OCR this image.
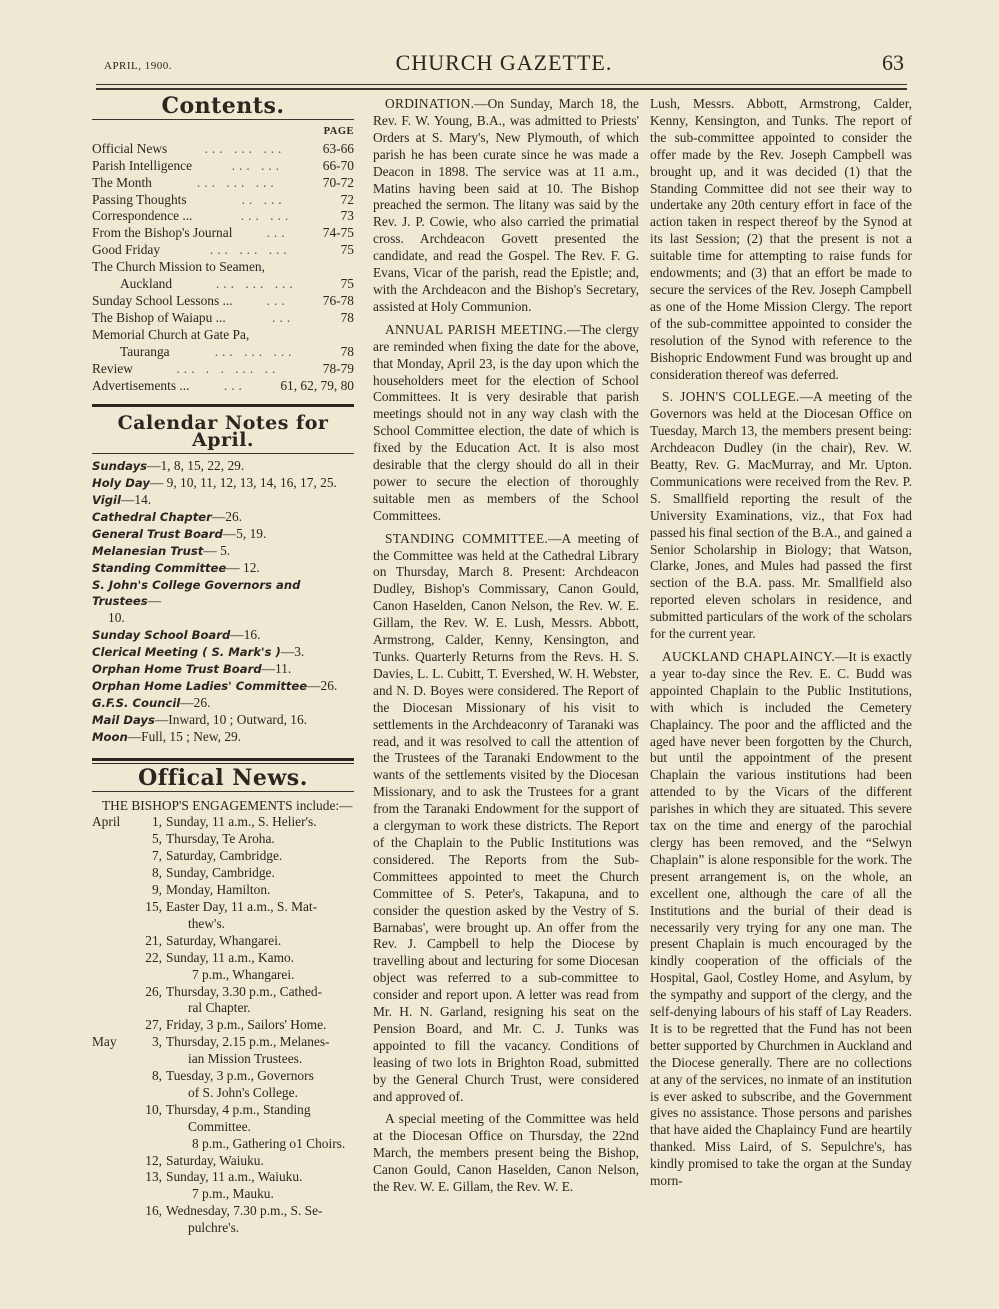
APRIL, 1900.	CHURCH GAZETTE.	63
Contents.
PAGE
Official News	... ... ...	63-66
Parish Intelligence	... ...	66-70
The Month	... ... ...	70-72
Passing Thoughts	.. ...	72
Correspondence ...	... ...	73
From the Bishop's Journal	...	74-75
Good Friday	... ... ...	75
The Church Mission to Seamen,
Auckland	... ... ...	75
Sunday School Lessons ...	...	76-78
The Bishop of Waiapu ...	...	78
Memorial Church at Gate Pa,
Tauranga	... ... ...	78
Review	... . . ... ..	78-79
Advertisements ...	...	61, 62, 79, 80
Calendar Notes for April.
Sundays—1, 8, 15, 22, 29.
Holy Day— 9, 10, 11, 12, 13, 14, 16, 17, 25.
Vigil—14.
Cathedral Chapter—26.
General Trust Board—5, 19.
Melanesian Trust— 5.
Standing Committee— 12.
S. John's College Governors and Trustees—
10.
Sunday School Board—16.
Clerical Meeting ( S. Mark's )—3.
Orphan Home Trust Board—11.
Orphan Home Ladies' Committee—26.
G.F.S. Council—26.
Mail Days—Inward, 10 ; Outward, 16.
Moon—Full, 15 ; New, 29.
Offical News.
THE BISHOP'S ENGAGEMENTS include:—
April	1, Sunday, 11 a.m., S. Helier's.
5, Thursday, Te Aroha.
7, Saturday, Cambridge.
8, Sunday, Cambridge.
9, Monday, Hamilton.
15, Easter Day, 11 a.m., S. Mat-
thew's.
21, Saturday, Whangarei.
22, Sunday, 11 a.m., Kamo.
7 p.m., Whangarei.
26, Thursday, 3.30 p.m., Cathed-
ral Chapter.
27, Friday, 3 p.m., Sailors' Home.
May	3, Thursday, 2.15 p.m., Melanes-
ian Mission Trustees.
8, Tuesday, 3 p.m., Governors
of S. John's College.
10, Thursday, 4 p.m., Standing
Committee.
8 p.m., Gathering o1 Choirs.
12, Saturday, Waiuku.
13, Sunday, 11 a.m., Waiuku.
7 p.m., Mauku.
16, Wednesday, 7.30 p.m., S. Se-
pulchre's.

ORDINATION.—On Sunday, March 18, the Rev. F. W. Young, B.A., was admitted to Priests' Orders at S. Mary's, New Plymouth, of which parish he has been curate since he was made a Deacon in 1898. The service was at 11 a.m., Matins having been said at 10. The Bishop preached the sermon. The litany was said by the Rev. J. P. Cowie, who also carried the primatial cross. Archdeacon Govett presented the candidate, and read the Gospel. The Rev. F. G. Evans, Vicar of the parish, read the Epistle; and, with the Archdeacon and the Bishop's Secretary, assisted at Holy Communion.

ANNUAL PARISH MEETING.—The clergy are reminded when fixing the date for the above, that Monday, April 23, is the day upon which the householders meet for the election of School Committees. It is very desirable that parish meetings should not in any way clash with the School Committee election, the date of which is fixed by the Education Act. It is also most desirable that the clergy should do all in their power to secure the election of thoroughly suitable men as members of the School Committees.

STANDING COMMITTEE.—A meeting of the Committee was held at the Cathedral Library on Thursday, March 8. Present: Archdeacon Dudley, Bishop's Commissary, Canon Gould, Canon Haselden, Canon Nelson, the Rev. W. E. Gillam, the Rev. W. E. Lush, Messrs. Abbott, Armstrong, Calder, Kenny, Kensington, and Tunks. Quarterly Returns from the Revs. H. S. Davies, L. L. Cubitt, T. Evershed, W. H. Webster, and N. D. Boyes were considered. The Report of the Diocesan Missionary of his visit to settlements in the Archdeaconry of Taranaki was read, and it was resolved to call the attention of the Trustees of the Taranaki Endowment to the wants of the settlements visited by the Diocesan Missionary, and to ask the Trustees for a grant from the Taranaki Endowment for the support of a clergyman to work these districts. The Report of the Chaplain to the Public Institutions was considered. The Reports from the Sub-Committees appointed to meet the Church Committee of S. Peter's, Takapuna, and to consider the question asked by the Vestry of S. Barnabas', were brought up. An offer from the Rev. J. Campbell to help the Diocese by travelling about and lecturing for some Diocesan object was referred to a sub-committee to consider and report upon. A letter was read from Mr. H. N. Garland, resigning his seat on the Pension Board, and Mr. C. J. Tunks was appointed to fill the vacancy. Conditions of leasing of two lots in Brighton Road, submitted by the General Church Trust, were considered and approved of.

A special meeting of the Committee was held at the Diocesan Office on Thursday, the 22nd March, the members present being the Bishop, Canon Gould, Canon Haselden, Canon Nelson, the Rev. W. E. Gillam, the Rev. W. E.

Lush, Messrs. Abbott, Armstrong, Calder, Kenny, Kensington, and Tunks. The report of the sub-committee appointed to consider the offer made by the Rev. Joseph Campbell was brought up, and it was decided (1) that the Standing Committee did not see their way to undertake any 20th century effort in face of the action taken in respect thereof by the Synod at its last Session; (2) that the present is not a suitable time for attempting to raise funds for endowments; and (3) that an effort be made to secure the services of the Rev. Joseph Campbell as one of the Home Mission Clergy. The report of the sub-committee appointed to consider the resolution of the Synod with reference to the Bishopric Endowment Fund was brought up and consideration thereof was deferred.

S. JOHN'S COLLEGE.—A meeting of the Governors was held at the Diocesan Office on Tuesday, March 13, the members present being: Archdeacon Dudley (in the chair), Rev. W. Beatty, Rev. G. MacMurray, and Mr. Upton. Communications were received from the Rev. P. S. Smallfield reporting the result of the University Examinations, viz., that Fox had passed his final section of the B.A., and gained a Senior Scholarship in Biology; that Watson, Clarke, Jones, and Mules had passed the first section of the B.A. pass. Mr. Smallfield also reported eleven scholars in residence, and submitted particulars of the work of the scholars for the current year.

AUCKLAND CHAPLAINCY.—It is exactly a year to-day since the Rev. E. C. Budd was appointed Chaplain to the Public Institutions, with which is included the Cemetery Chaplaincy. The poor and the afflicted and the aged have never been forgotten by the Church, but until the appointment of the present Chaplain the various institutions had been attended to by the Vicars of the different parishes in which they are situated. This severe tax on the time and energy of the parochial clergy has been removed, and the “Selwyn Chaplain” is alone responsible for the work. The present arrangement is, on the whole, an excellent one, although the care of all the Institutions and the burial of their dead is necessarily very trying for any one man. The present Chaplain is much encouraged by the kindly cooperation of the officials of the Hospital, Gaol, Costley Home, and Asylum, by the sympathy and support of the clergy, and the self-denying labours of his staff of Lay Readers. It is to be regretted that the Fund has not been better supported by Churchmen in Auckland and the Diocese generally. There are no collections at any of the services, no inmate of an institution is ever asked to subscribe, and the Government gives no assistance. Those persons and parishes that have aided the Chaplaincy Fund are heartily thanked. Miss Laird, of S. Sepulchre's, has kindly promised to take the organ at the Sunday morn-
